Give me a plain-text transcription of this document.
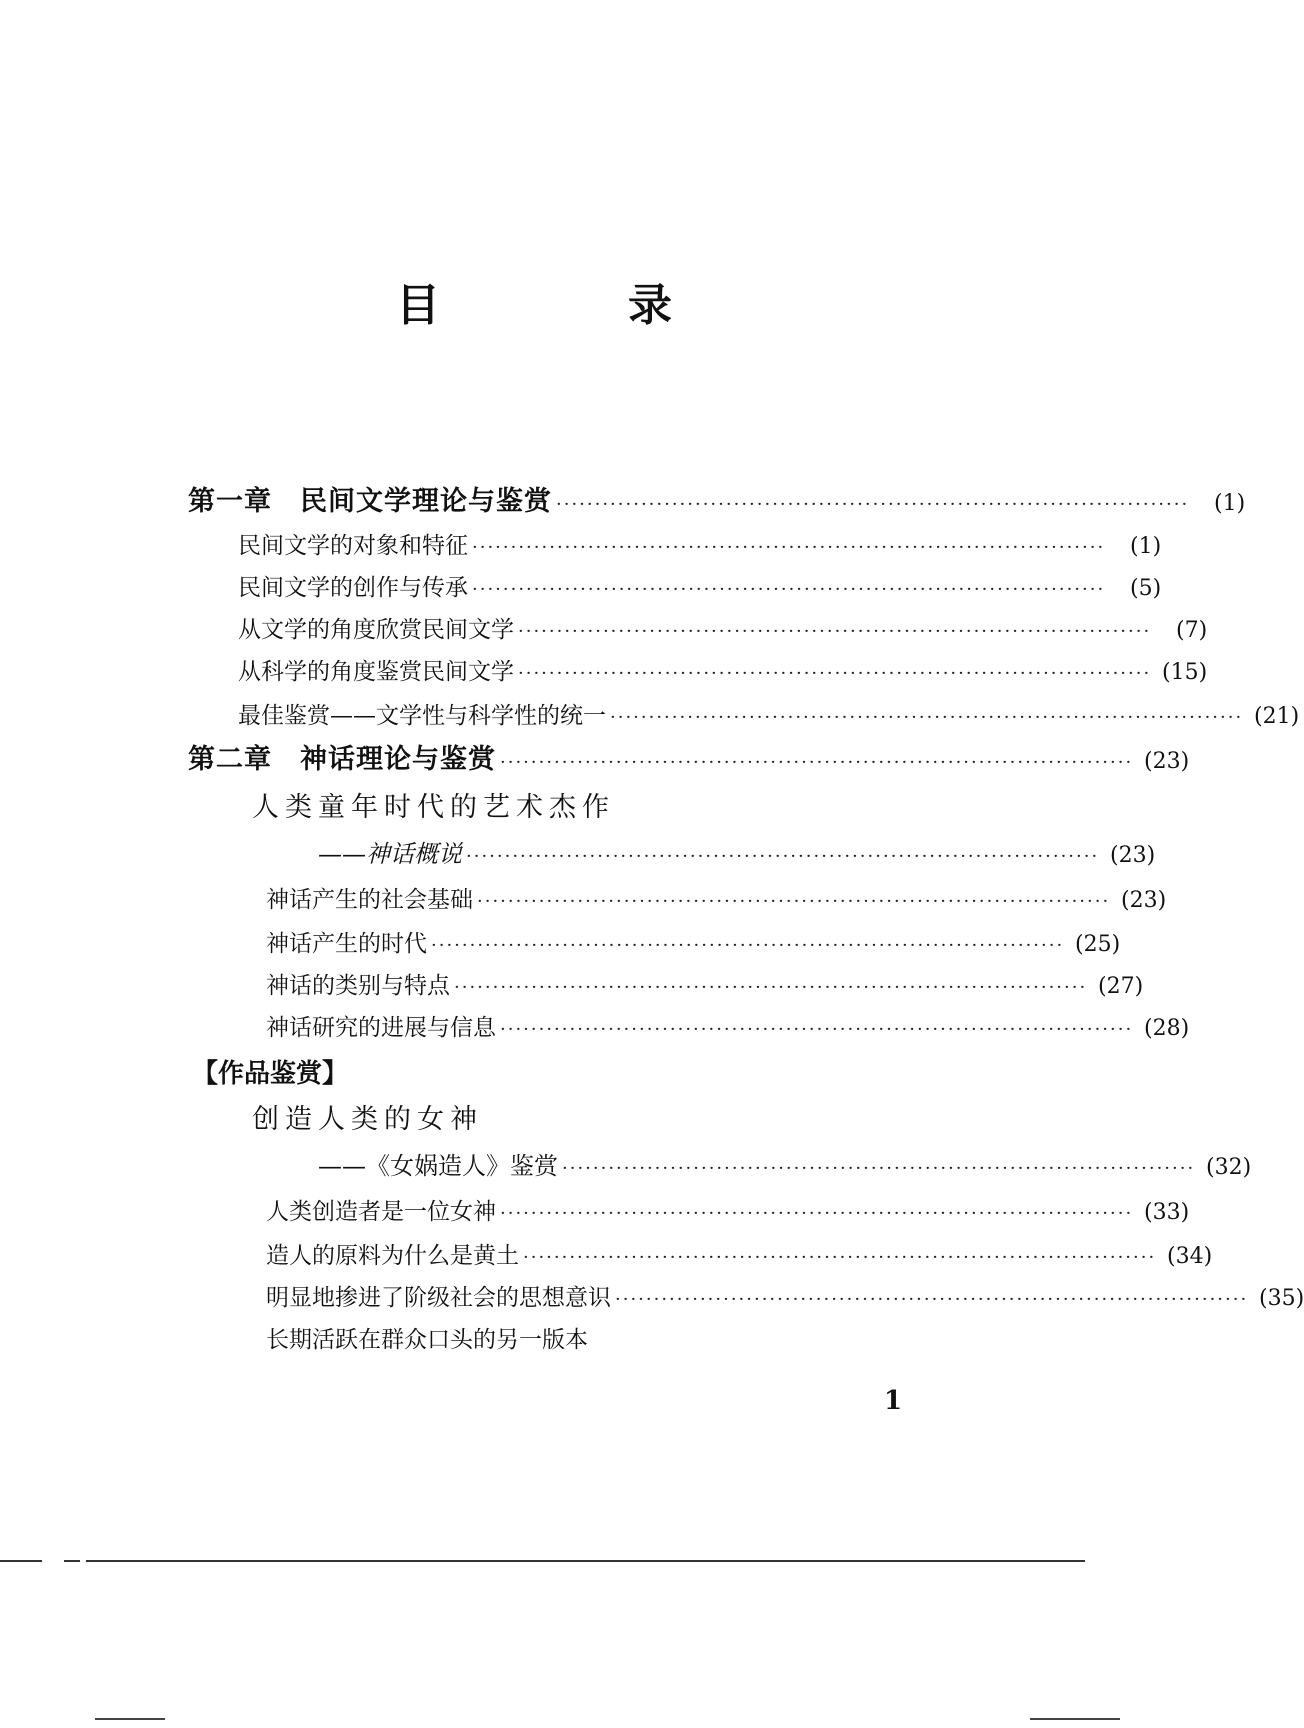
目　录
第一章　民间文学理论与鉴赏 ··················································································	(1)
民间文学的对象和特征 ··················································································	(1)
民间文学的创作与传承 ··················································································	(5)
从文学的角度欣赏民间文学 ··················································································	(7)
从科学的角度鉴赏民间文学 ·················································································· (15)
最佳鉴赏——文学性与科学性的统一 ·················································································· (21)
第二章　神话理论与鉴赏 ·················································································· (23)
人类童年时代的艺术杰作
——神话概说 ·················································································· (23)
神话产生的社会基础 ·················································································· (23)
神话产生的时代 ·················································································· (25)
神话的类别与特点 ·················································································· (27)
神话研究的进展与信息 ·················································································· (28)
【作品鉴赏】
创造人类的女神
——《女娲造人》鉴赏 ·················································································· (32)
人类创造者是一位女神 ·················································································· (33)
造人的原料为什么是黄土 ·················································································· (34)
明显地掺进了阶级社会的思想意识 ·················································································· (35)
长期活跃在群众口头的另一版本
1
